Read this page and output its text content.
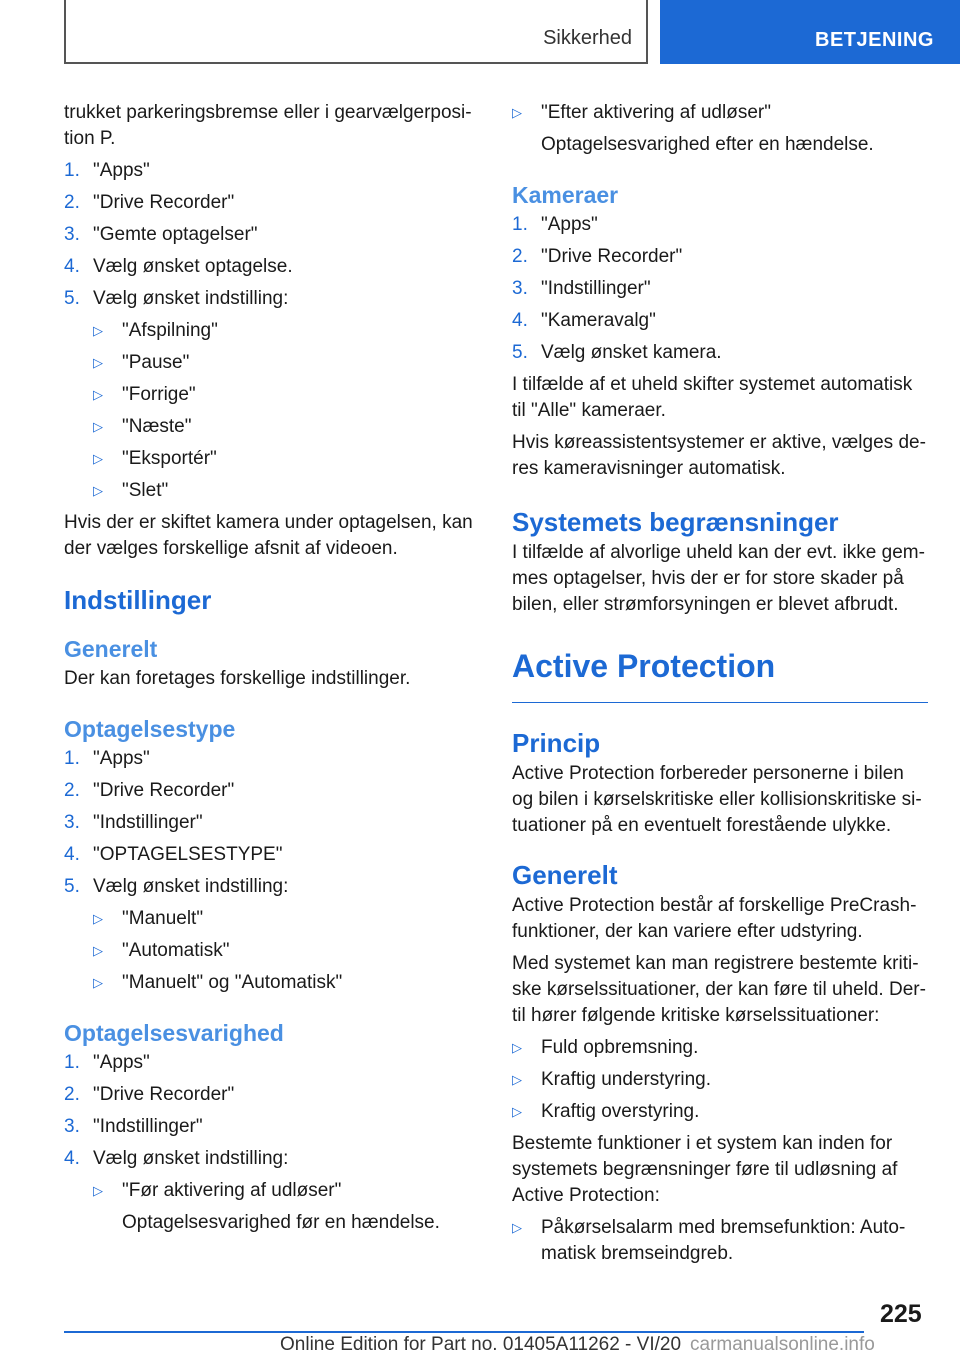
Sikkerhed	BETJENING

trukket parkeringsbremse eller i gearvælgerposi-tion P.

1. "Apps"
2. "Drive Recorder"
3. "Gemte optagelser"
4. Vælg ønsket optagelse.
5. Vælg ønsket indstilling:
▷	"Afspilning"
▷	"Pause"
▷	"Forrige"
▷	"Næste"
▷	"Eksportér"
▷	"Slet"

Hvis der er skiftet kamera under optagelsen, kan der vælges forskellige afsnit af videoen.

Indstillinger
Generelt

Der kan foretages forskellige indstillinger.

Optagelsestype
1. "Apps"
2. "Drive Recorder"
3. "Indstillinger"
4. "OPTAGELSESTYPE"
5. Vælg ønsket indstilling:
▷	"Manuelt"
▷	"Automatisk"
▷	"Manuelt" og "Automatisk"
Optagelsesvarighed
1. "Apps"
2. "Drive Recorder"
3. "Indstillinger"
4. Vælg ønsket indstilling:
▷	"Før aktivering af udløser"
Optagelsesvarighed før en hændelse.
▷	"Efter aktivering af udløser"
Optagelsesvarighed efter en hændelse.
Kameraer
1. "Apps"
2. "Drive Recorder"
3. "Indstillinger"
4. "Kameravalg"
5. Vælg ønsket kamera.

I tilfælde af et uheld skifter systemet automatisk til "Alle" kameraer.

Hvis køreassistentsystemer er aktive, vælges de-res kameravisninger automatisk.

Systemets begrænsninger

I tilfælde af alvorlige uheld kan der evt. ikke gem-mes optagelser, hvis der er for store skader på bilen, eller strømforsyningen er blevet afbrudt.

Active Protection
Princip

Active Protection forbereder personerne i bilen og bilen i kørselskritiske eller kollisionskritiske si-tuationer på en eventuelt forestående ulykke.

Generelt

Active Protection består af forskellige PreCrash-funktioner, der kan variere efter udstyring.

Med systemet kan man registrere bestemte kriti-ske kørselssituationer, der kan føre til uheld. Der-til hører følgende kritiske kørselssituationer:

▷	Fuld opbremsning.
▷	Kraftig understyring.
▷	Kraftig overstyring.

Bestemte funktioner i et system kan inden for systemets begrænsninger føre til udløsning af Active Protection:

▷	Påkørselsalarm med bremsefunktion: Auto-matisk bremseindgreb.
225
Online Edition for Part no. 01405A11262 - VI/20 carmanualsonline.info
